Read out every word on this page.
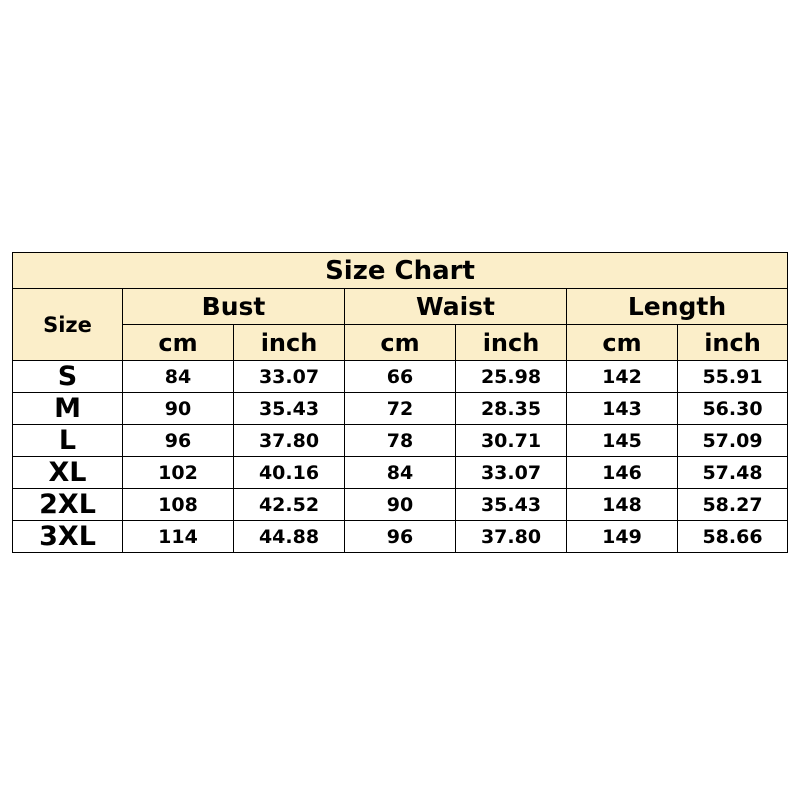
Size Chart						
Size	Bust		Waist		Length	
	cm	inch	cm	inch	cm	inch
S	84	33.07	66	25.98	142	55.91
M	90	35.43	72	28.35	143	56.30
L	96	37.80	78	30.71	145	57.09
XL	102	40.16	84	33.07	146	57.48
2XL	108	42.52	90	35.43	148	58.27
3XL	114	44.88	96	37.80	149	58.66
